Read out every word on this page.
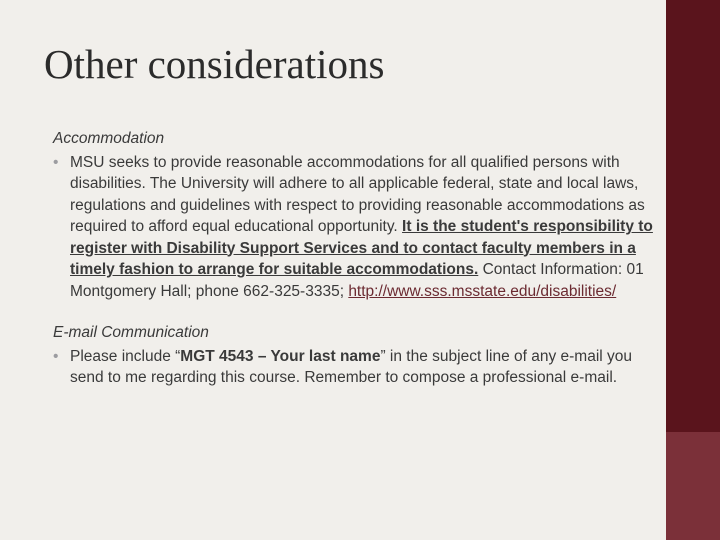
Other considerations

Accommodation

• MSU seeks to provide reasonable accommodations for all qualified persons with disabilities. The University will adhere to all applicable federal, state and local laws, regulations and guidelines with respect to providing reasonable accommodations as required to afford equal educational opportunity. It is the student's responsibility to register with Disability Support Services and to contact faculty members in a timely fashion to arrange for suitable accommodations. Contact Information: 01 Montgomery Hall; phone 662-325-3335; http://www.sss.msstate.edu/disabilities/

E-mail Communication

• Please include “MGT 4543 – Your last name” in the subject line of any e-mail you send to me regarding this course. Remember to compose a professional e-mail.
